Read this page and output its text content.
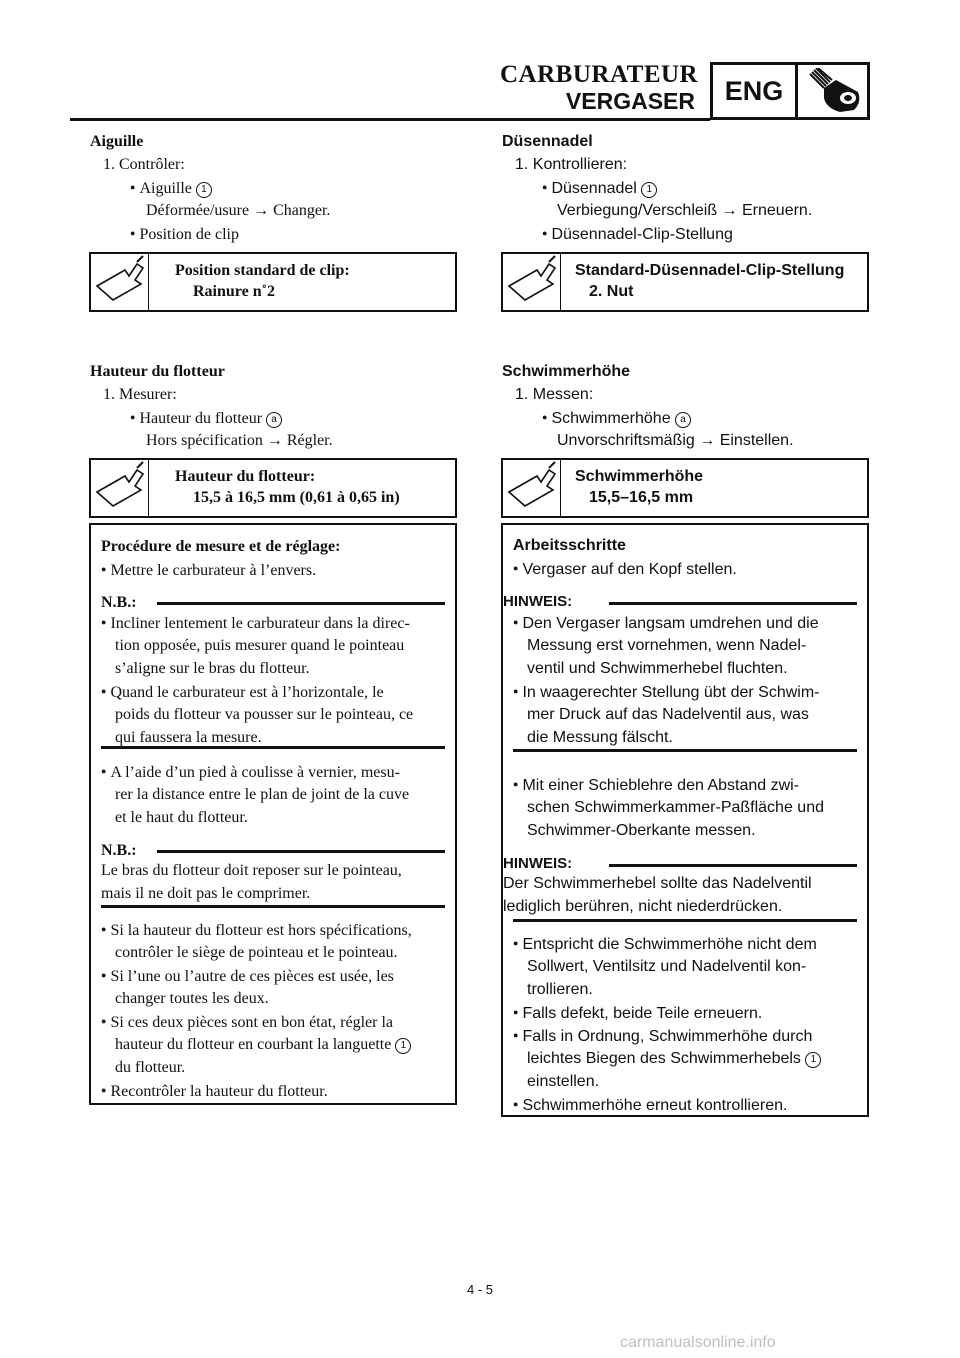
CARBURATEUR
VERGASER	ENG
Aiguille
1. Contrôler:
● Aiguille 1
Déformée/usure → Changer.
● Position de clip
Position standard de clip:
Rainure n˚2
Hauteur du flotteur
1. Mesurer:
● Hauteur du flotteur a
Hors spécification → Régler.
Hauteur du flotteur:
15,5 à 16,5 mm (0,61 à 0,65 in)
Procédure de mesure et de réglage:
● Mettre le carburateur à l’envers.
N.B.:
● Incliner lentement le carburateur dans la direc-
tion opposée, puis mesurer quand le pointeau
s’aligne sur le bras du flotteur.
● Quand le carburateur est à l’horizontale, le
poids du flotteur va pousser sur le pointeau, ce
qui faussera la mesure.
● A l’aide d’un pied à coulisse à vernier, mesu-
rer la distance entre le plan de joint de la cuve
et le haut du flotteur.
N.B.:
Le bras du flotteur doit reposer sur le pointeau,
mais il ne doit pas le comprimer.
● Si la hauteur du flotteur est hors spécifications,
contrôler le siège de pointeau et le pointeau.
● Si l’une ou l’autre de ces pièces est usée, les
changer toutes les deux.
● Si ces deux pièces sont en bon état, régler la
hauteur du flotteur en courbant la languette 1
du flotteur.
● Recontrôler la hauteur du flotteur.
Düsennadel
1. Kontrollieren:
● Düsennadel 1
Verbiegung/Verschleiß → Erneuern.
● Düsennadel-Clip-Stellung
Standard-Düsennadel-Clip-Stellung
2. Nut
Schwimmerhöhe
1. Messen:
● Schwimmerhöhe a
Unvorschriftsmäßig → Einstellen.
Schwimmerhöhe
15,5–16,5 mm
Arbeitsschritte
● Vergaser auf den Kopf stellen.
HINWEIS:
● Den Vergaser langsam umdrehen und die
Messung erst vornehmen, wenn Nadel-
ventil und Schwimmerhebel fluchten.
● In waagerechter Stellung übt der Schwim-
mer Druck auf das Nadelventil aus, was
die Messung fälscht.
● Mit einer Schieblehre den Abstand zwi-
schen Schwimmerkammer-Paßfläche und
Schwimmer-Oberkante messen.
HINWEIS:
Der Schwimmerhebel sollte das Nadelventil
lediglich berühren, nicht niederdrücken.
● Entspricht die Schwimmerhöhe nicht dem
Sollwert, Ventilsitz und Nadelventil kon-
trollieren.
● Falls defekt, beide Teile erneuern.
● Falls in Ordnung, Schwimmerhöhe durch
leichtes Biegen des Schwimmerhebels 1
einstellen.
● Schwimmerhöhe erneut kontrollieren.
4 - 5
carmanualsonline.info
